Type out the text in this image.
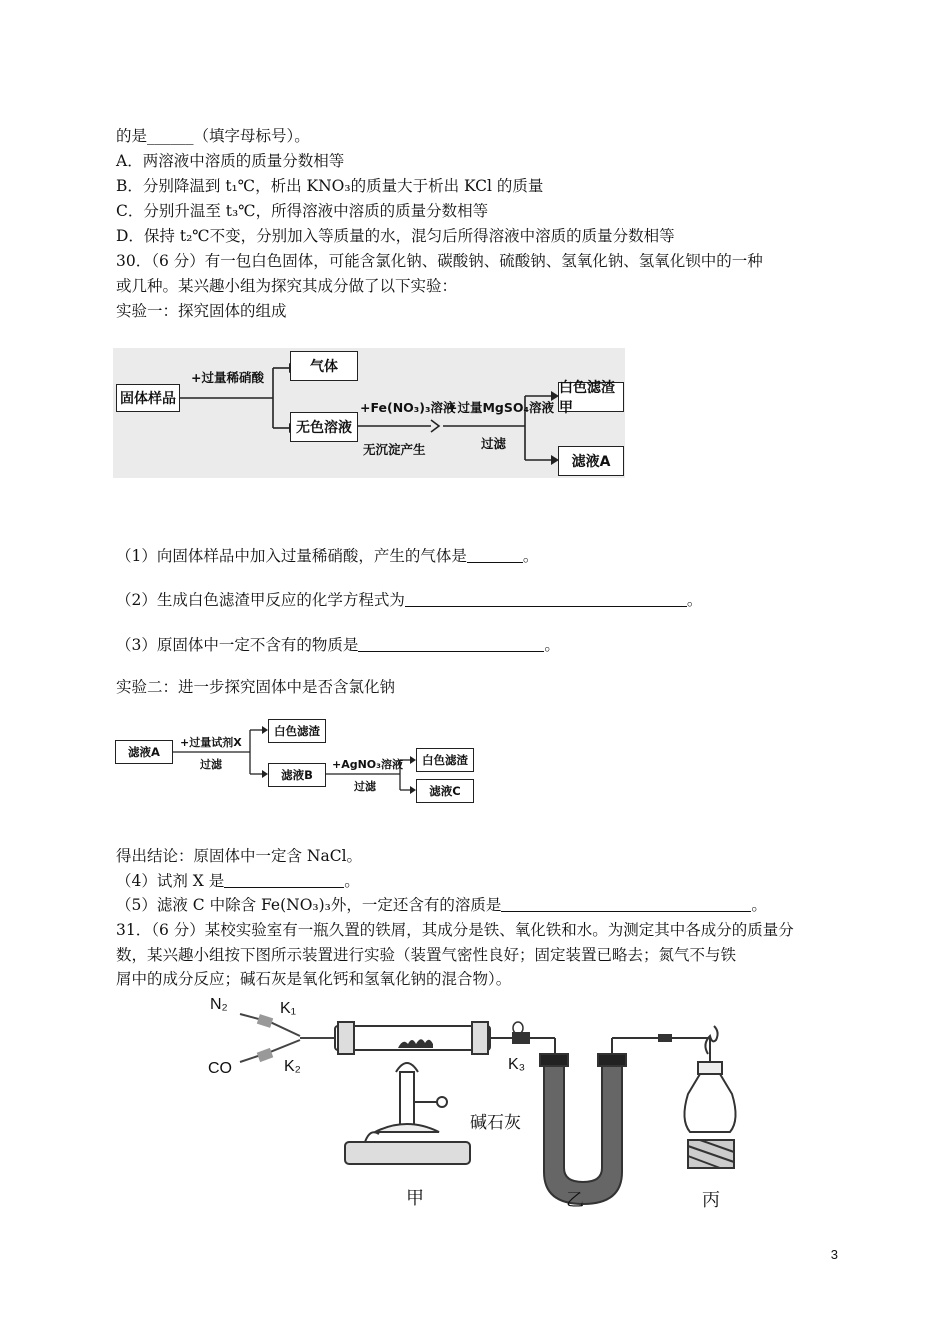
的是______（填字母标号）。
A．两溶液中溶质的质量分数相等
B．分别降温到 t₁℃，析出 KNO₃的质量大于析出 KCl 的质量
C．分别升温至 t₃℃，所得溶液中溶质的质量分数相等
D．保持 t₂℃不变，分别加入等质量的水，混匀后所得溶液中溶质的质量分数相等
30．（6 分）有一包白色固体，可能含氯化钠、碳酸钠、硫酸钠、氢氧化钠、氢氧化钡中的一种
或几种。某兴趣小组为探究其成分做了以下实验：
实验一：探究固体的组成
固体样品
+过量稀硝酸
气体
无色溶液
+Fe(NO₃)₃溶液
无沉淀产生
+过量MgSO₄溶液
过滤
白色滤渣甲
滤液A
（1）向固体样品中加入过量稀硝酸，产生的气体是	。
（2）生成白色滤渣甲反应的化学方程式为	。
（3）原固体中一定不含有的物质是	。
实验二：进一步探究固体中是否含氯化钠
滤液A
+过量试剂X
过滤
白色滤渣
滤液B
+AgNO₃溶液
过滤
白色滤渣
滤液C
得出结论：原固体中一定含 NaCl。
（4）试剂 X 是	。
（5）滤液 C 中除含 Fe(NO₃)₃外，一定还含有的溶质是	。
31．（6 分）某校实验室有一瓶久置的铁屑，其成分是铁、氧化铁和水。为测定其中各成分的质量分
数，某兴趣小组按下图所示装置进行实验（装置气密性良好；固定装置已略去；氮气不与铁
屑中的成分反应；碱石灰是氧化钙和氢氧化钠的混合物）。
N₂	K₁
CO	K₂	K₃
碱石灰
甲	乙	丙
3
